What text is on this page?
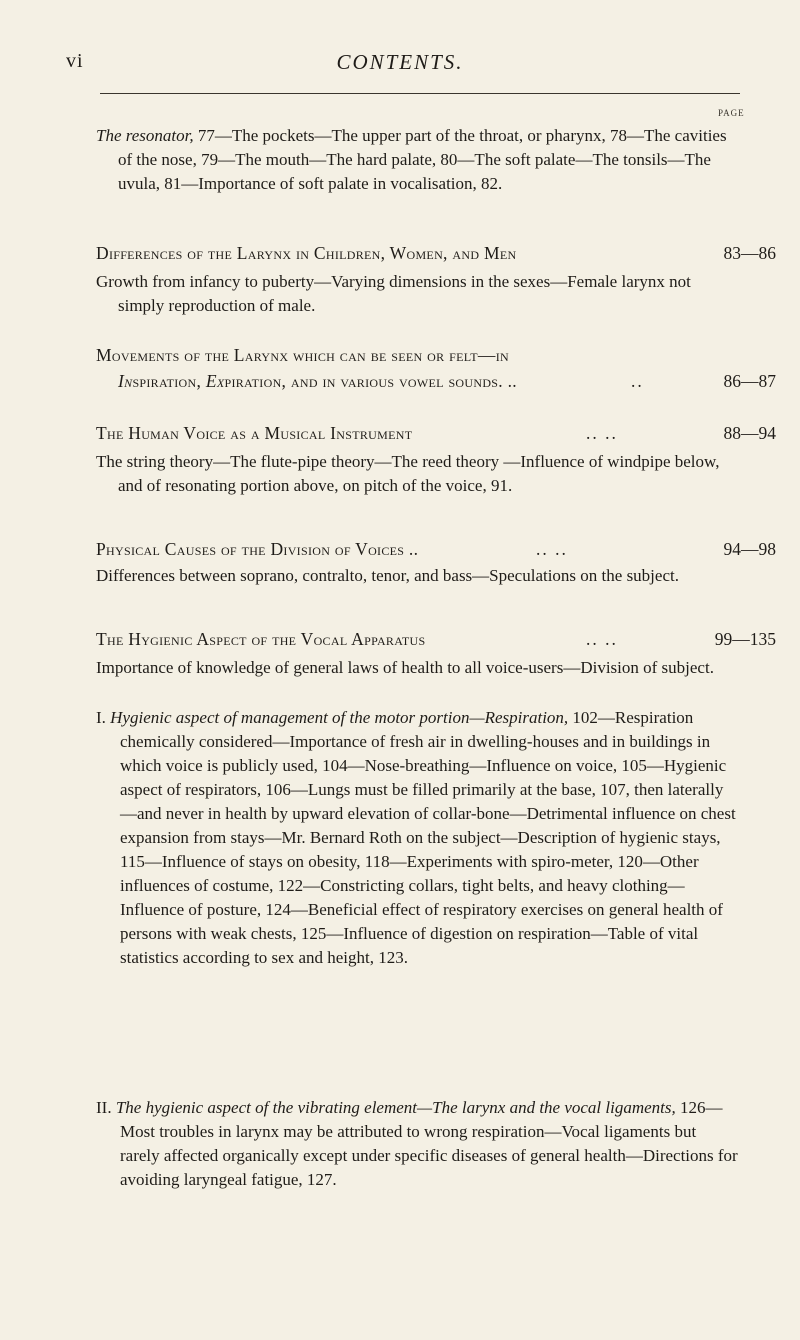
vi	CONTENTS.
PAGE

The resonator, 77—The pockets—The upper part of the throat, or pharynx, 78—The cavities of the nose, 79—The mouth—The hard palate, 80—The soft palate—The tonsils—The uvula, 81—Importance of soft palate in vocalisation, 82.

Differences of the Larynx in Children, Women, and Men	83—86

Growth from infancy to puberty—Varying dimensions in the sexes—Female larynx not simply reproduction of male.

Movements of the Larynx which can be seen or felt—in
Inspiration, Expiration, and in various vowel sounds. ..	..	86—87
The Human Voice as a Musical Instrument	.. ..	88—94

The string theory—The flute-pipe theory—The reed theory —Influence of windpipe below, and of resonating portion above, on pitch of the voice, 91.

Physical Causes of the Division of Voices ..	.. ..	94—98

Differences between soprano, contralto, tenor, and bass—Speculations on the subject.

The Hygienic Aspect of the Vocal Apparatus	.. ..	99—135

Importance of knowledge of general laws of health to all voice-users—Division of subject.

I. Hygienic aspect of management of the motor portion—Respiration, 102—Respiration chemically considered—Importance of fresh air in dwelling-houses and in buildings in which voice is publicly used, 104—Nose-breathing—Influence on voice, 105—Hygienic aspect of respirators, 106—Lungs must be filled primarily at the base, 107, then laterally—and never in health by upward elevation of collar-bone—Detrimental influence on chest expansion from stays—Mr. Bernard Roth on the subject—Description of hygienic stays, 115—Influence of stays on obesity, 118—Experiments with spiro-meter, 120—Other influences of costume, 122—Constricting collars, tight belts, and heavy clothing—Influence of posture, 124—Beneficial effect of respiratory exercises on general health of persons with weak chests, 125—Influence of digestion on respiration—Table of vital statistics according to sex and height, 123.

II. The hygienic aspect of the vibrating element—The larynx and the vocal ligaments, 126—Most troubles in larynx may be attributed to wrong respiration—Vocal ligaments but rarely affected organically except under specific diseases of general health—Directions for avoiding laryngeal fatigue, 127.
